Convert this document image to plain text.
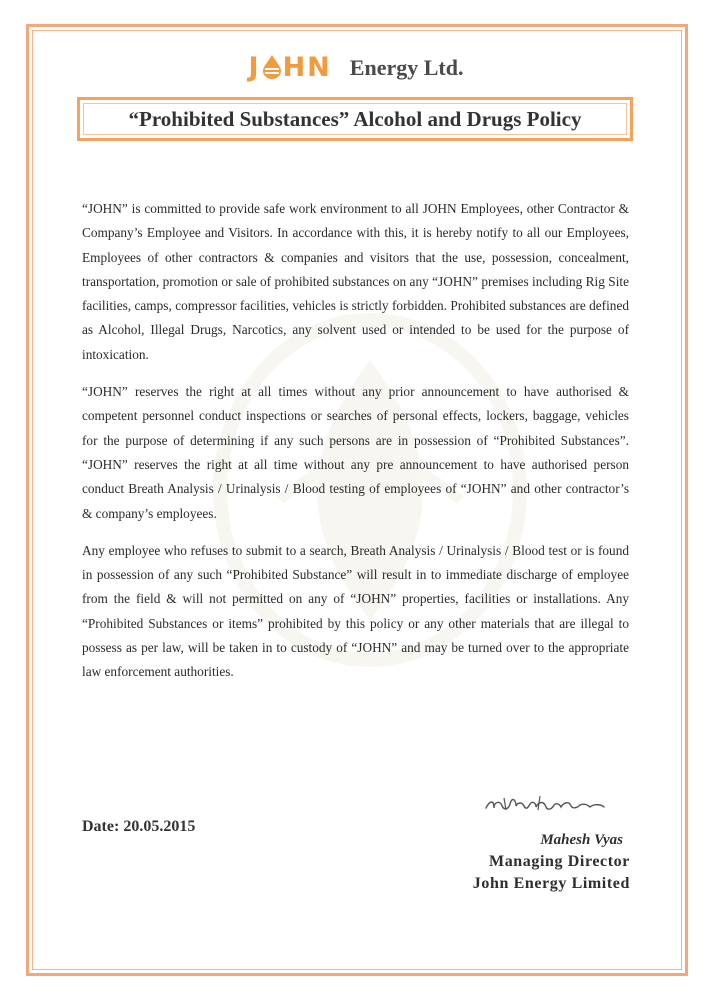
J HN Energy Ltd.
“Prohibited Substances” Alcohol and Drugs Policy

“JOHN” is committed to provide safe work environment to all JOHN Employees, other Contractor & Company’s Employee and Visitors. In accordance with this, it is hereby notify to all our Employees, Employees of other contractors & companies and visitors that the use, possession, concealment, transportation, promotion or sale of prohibited substances on any “JOHN” premises including Rig Site facilities, camps, compressor facilities, vehicles is strictly forbidden. Prohibited substances are defined as Alcohol, Illegal Drugs, Narcotics, any solvent used or intended to be used for the purpose of intoxication.

“JOHN” reserves the right at all times without any prior announcement to have authorised & competent personnel conduct inspections or searches of personal effects, lockers, baggage, vehicles for the purpose of determining if any such persons are in possession of “Prohibited Substances”. “JOHN” reserves the right at all time without any pre announcement to have authorised person conduct Breath Analysis / Urinalysis / Blood testing of employees of “JOHN” and other contractor’s & company’s employees.

Any employee who refuses to submit to a search, Breath Analysis / Urinalysis / Blood test or is found in possession of any such “Prohibited Substance” will result in to immediate discharge of employee from the field & will not permitted on any of “JOHN” properties, facilities or installations. Any “Prohibited Substances or items” prohibited by this policy or any other materials that are illegal to possess as per law, will be taken in to custody of “JOHN” and may be turned over to the appropriate law enforcement authorities.

Date: 20.05.2015
Mahesh Vyas
Managing Director
John Energy Limited
